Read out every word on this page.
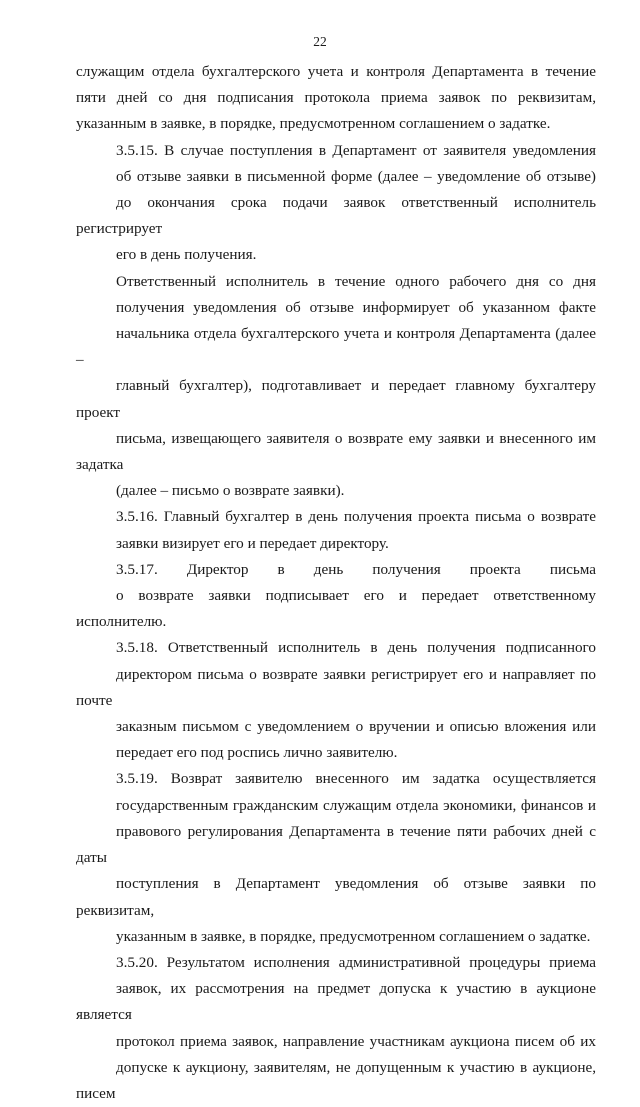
22

служащим отдела бухгалтерского учета и контроля Департамента в течение
пяти дней со дня подписания протокола приема заявок по реквизитам,
указанным в заявке, в порядке, предусмотренном соглашением о задатке.

3.5.15. В случае поступления в Департамент от заявителя уведомления
об отзыве заявки в письменной форме (далее – уведомление об отзыве)
до окончания срока подачи заявок ответственный исполнитель регистрирует
его в день получения.

Ответственный исполнитель в течение одного рабочего дня со дня
получения уведомления об отзыве информирует об указанном факте
начальника отдела бухгалтерского учета и контроля Департамента (далее –
главный бухгалтер), подготавливает и передает главному бухгалтеру проект
письма, извещающего заявителя о возврате ему заявки и внесенного им задатка
(далее – письмо о возврате заявки).

3.5.16. Главный бухгалтер в день получения проекта письма о возврате
заявки визирует его и передает директору.

3.5.17. Директор в день получения проекта письма
о возврате заявки подписывает его и передает ответственному исполнителю.

3.5.18. Ответственный исполнитель в день получения подписанного
директором письма о возврате заявки регистрирует его и направляет по почте
заказным письмом с уведомлением о вручении и описью вложения или
передает его под роспись лично заявителю.

3.5.19. Возврат заявителю внесенного им задатка осуществляется
государственным гражданским служащим отдела экономики, финансов и
правового регулирования Департамента в течение пяти рабочих дней с даты
поступления в Департамент уведомления об отзыве заявки по реквизитам,
указанным в заявке, в порядке, предусмотренном соглашением о задатке.

3.5.20. Результатом исполнения административной процедуры приема
заявок, их рассмотрения на предмет допуска к участию в аукционе является
протокол приема заявок, направление участникам аукциона писем об их
допуске к аукциону, заявителям, не допущенным к участию в аукционе, писем
